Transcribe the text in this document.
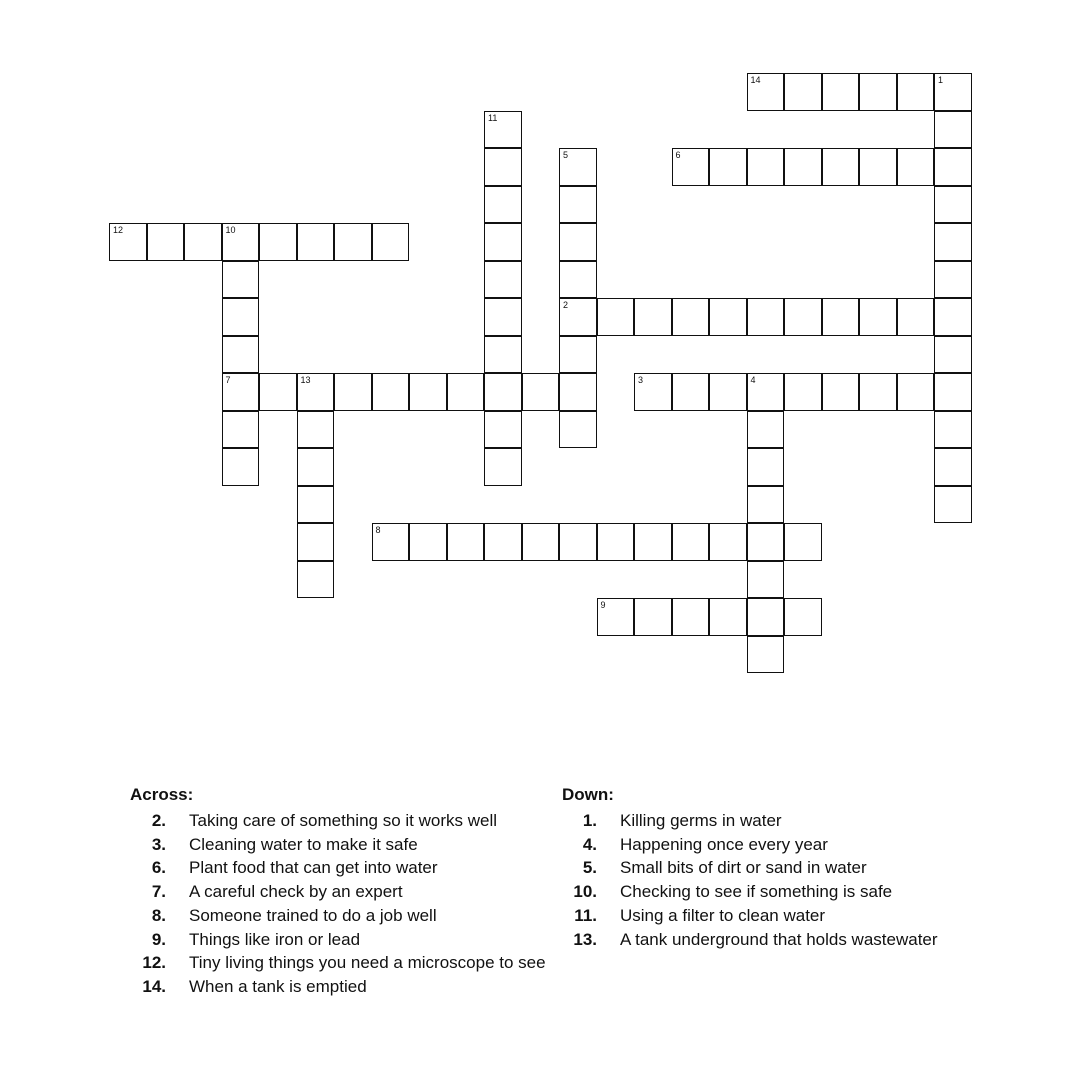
14	1
11
5
2
6
12	10
7	13	3	4
8
9
Across:
2. Taking care of something so it works well
3. Cleaning water to make it safe
6. Plant food that can get into water
7. A careful check by an expert
8. Someone trained to do a job well
9. Things like iron or lead
12. Tiny living things you need a microscope to see
14. When a tank is emptied
Down:
1. Killing germs in water
4. Happening once every year
5. Small bits of dirt or sand in water
10. Checking to see if something is safe
11. Using a filter to clean water
13. A tank underground that holds wastewater
